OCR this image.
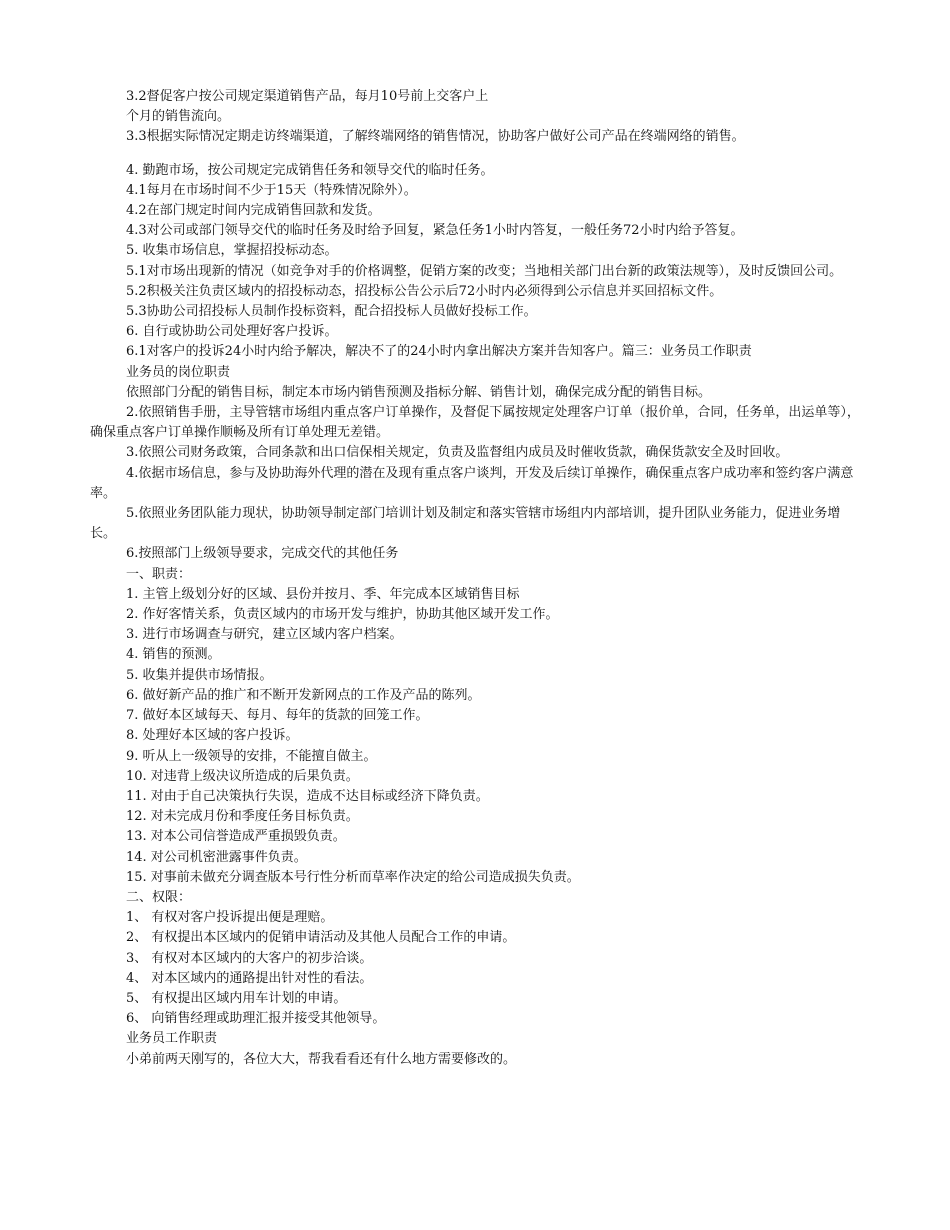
3.2督促客户按公司规定渠道销售产品，每月10号前上交客户上

个月的销售流向。

3.3根据实际情况定期走访终端渠道，了解终端网络的销售情况，协助客户做好公司产品在终端网络的销售。

4. 勤跑市场，按公司规定完成销售任务和领导交代的临时任务。

4.1每月在市场时间不少于15天（特殊情况除外）。

4.2在部门规定时间内完成销售回款和发货。

4.3对公司或部门领导交代的临时任务及时给予回复，紧急任务1小时内答复，一般任务72小时内给予答复。

5. 收集市场信息，掌握招投标动态。

5.1对市场出现新的情况（如竞争对手的价格调整，促销方案的改变；当地相关部门出台新的政策法规等），及时反馈回公司。

5.2积极关注负责区域内的招投标动态，招投标公告公示后72小时内必须得到公示信息并买回招标文件。

5.3协助公司招投标人员制作投标资料，配合招投标人员做好投标工作。

6. 自行或协助公司处理好客户投诉。

6.1对客户的投诉24小时内给予解决，解决不了的24小时内拿出解决方案并告知客户。篇三：业务员工作职责

业务员的岗位职责

依照部门分配的销售目标，制定本市场内销售预测及指标分解、销售计划，确保完成分配的销售目标。

2.依照销售手册，主导管辖市场组内重点客户订单操作，及督促下属按规定处理客户订单（报价单，合同，任务单，出运单等），确保重点客户订单操作顺畅及所有订单处理无差错。

3.依照公司财务政策，合同条款和出口信保相关规定，负责及监督组内成员及时催收货款，确保货款安全及时回收。

4.依据市场信息，参与及协助海外代理的潜在及现有重点客户谈判，开发及后续订单操作，确保重点客户成功率和签约客户满意率。

5.依照业务团队能力现状，协助领导制定部门培训计划及制定和落实管辖市场组内内部培训，提升团队业务能力，促进业务增长。

6.按照部门上级领导要求，完成交代的其他任务

一、职责：

1. 主管上级划分好的区域、县份并按月、季、年完成本区域销售目标

2. 作好客情关系，负责区域内的市场开发与维护，协助其他区域开发工作。

3. 进行市场调查与研究，建立区域内客户档案。

4. 销售的预测。

5. 收集并提供市场情报。

6. 做好新产品的推广和不断开发新网点的工作及产品的陈列。

7. 做好本区域每天、每月、每年的货款的回笼工作。

8. 处理好本区域的客户投诉。

9. 听从上一级领导的安排，不能擅自做主。

10. 对违背上级决议所造成的后果负责。

11. 对由于自己决策执行失误，造成不达目标或经济下降负责。

12. 对未完成月份和季度任务目标负责。

13. 对本公司信誉造成严重损毁负责。

14. 对公司机密泄露事件负责。

15. 对事前未做充分调查版本号行性分析而草率作决定的给公司造成损失负责。

二、权限：

1、 有权对客户投诉提出便是理赔。

2、 有权提出本区域内的促销申请活动及其他人员配合工作的申请。

3、 有权对本区域内的大客户的初步洽谈。

4、 对本区域内的通路提出针对性的看法。

5、 有权提出区域内用车计划的申请。

6、 向销售经理或助理汇报并接受其他领导。

业务员工作职责

小弟前两天刚写的，各位大大，帮我看看还有什么地方需要修改的。
